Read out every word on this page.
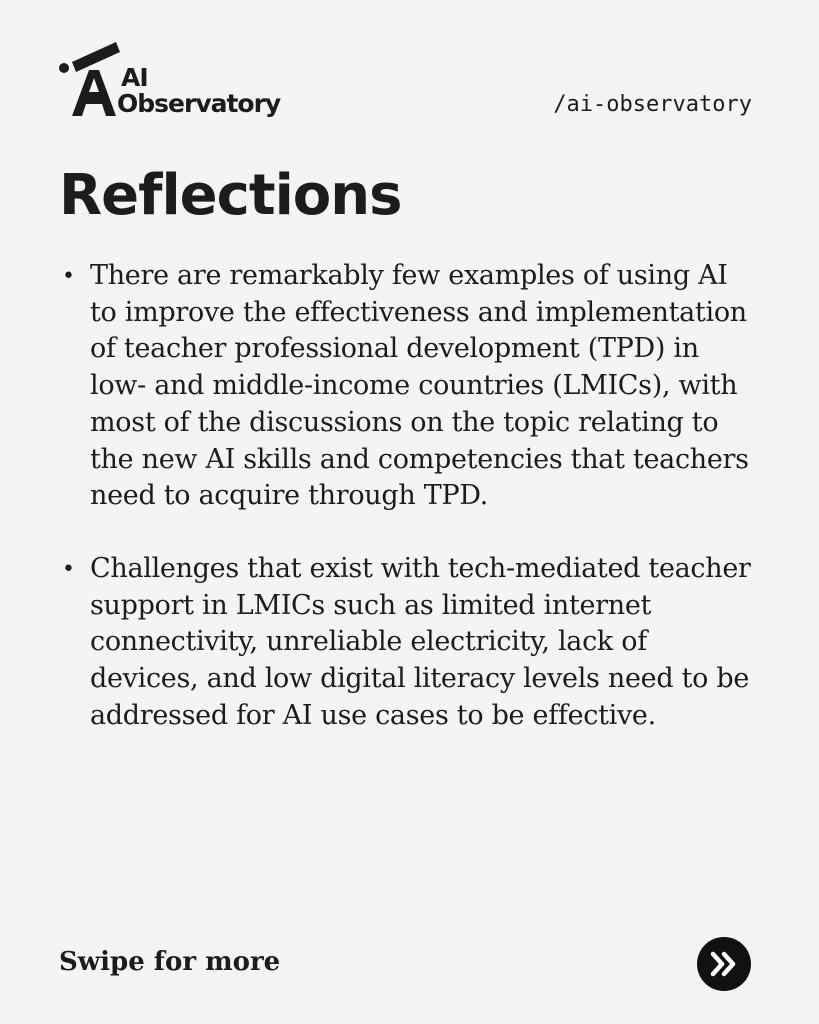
AI
Observatory	/ai-observatory
Reflections
• There are remarkably few examples of using AI to improve the effectiveness and implementation of teacher professional development (TPD) in low- and middle-income countries (LMICs), with most of the discussions on the topic relating to the new AI skills and competencies that teachers need to acquire through TPD.
• Challenges that exist with tech-mediated teacher support in LMICs such as limited internet connectivity, unreliable electricity, lack of devices, and low digital literacy levels need to be addressed for AI use cases to be effective.
Swipe for more
